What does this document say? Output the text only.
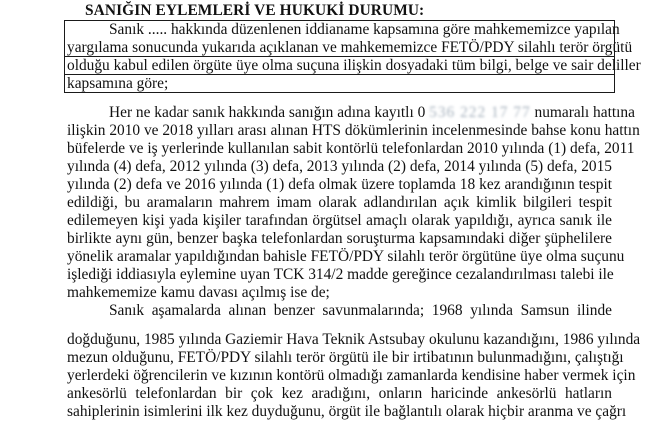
SANIĞIN EYLEMLERİ VE HUKUKİ DURUMU:
Sanık ..... hakkında düzenlenen iddianame kapsamına göre mahkememizce yapılan
yargılama sonucunda yukarıda açıklanan ve mahkememizce FETÖ/PDY silahlı terör örgütü
olduğu kabul edilen örgüte üye olma suçuna ilişkin dosyadaki tüm bilgi, belge ve sair deliller
kapsamına göre;
Her ne kadar sanık hakkında sanığın adına kayıtlı 0 536 222 17 77 numaralı hattına
ilişkin 2010 ve 2018 yılları arası alınan HTS dökümlerinin incelenmesinde bahse konu hattın
büfelerde ve iş yerlerinde kullanılan sabit kontörlü telefonlardan 2010 yılında (1) defa, 2011
yılında (4) defa, 2012 yılında (3) defa, 2013 yılında (2) defa, 2014 yılında (5) defa, 2015
yılında (2) defa ve 2016 yılında (1) defa olmak üzere toplamda 18 kez arandığının tespit
edildiği, bu aramaların mahrem imam olarak adlandırılan açık kimlik bilgileri tespit
edilemeyen kişi yada kişiler tarafından örgütsel amaçlı olarak yapıldığı, ayrıca sanık ile
birlikte aynı gün, benzer başka telefonlardan soruşturma kapsamındaki diğer şüphelilere
yönelik aramalar yapıldığından bahisle FETÖ/PDY silahlı terör örgütüne üye olma suçunu
işlediği iddiasıyla eylemine uyan TCK 314/2 madde gereğince cezalandırılması talebi ile
mahkememize kamu davası açılmış ise de;
Sanık aşamalarda alınan benzer savunmalarında; 1968 yılında Samsun ilinde
doğduğunu, 1985 yılında Gaziemir Hava Teknik Astsubay okulunu kazandığını, 1986 yılında
mezun olduğunu, FETÖ/PDY silahlı terör örgütü ile bir irtibatının bulunmadığını, çalıştığı
yerlerdeki öğrencilerin ve kızının kontörü olmadığı zamanlarda kendisine haber vermek için
ankesörlü telefonlardan bir çok kez aradığını, onların haricinde ankesörlü hatların
sahiplerinin isimlerini ilk kez duyduğunu, örgüt ile bağlantılı olarak hiçbir aranma ve çağrı
